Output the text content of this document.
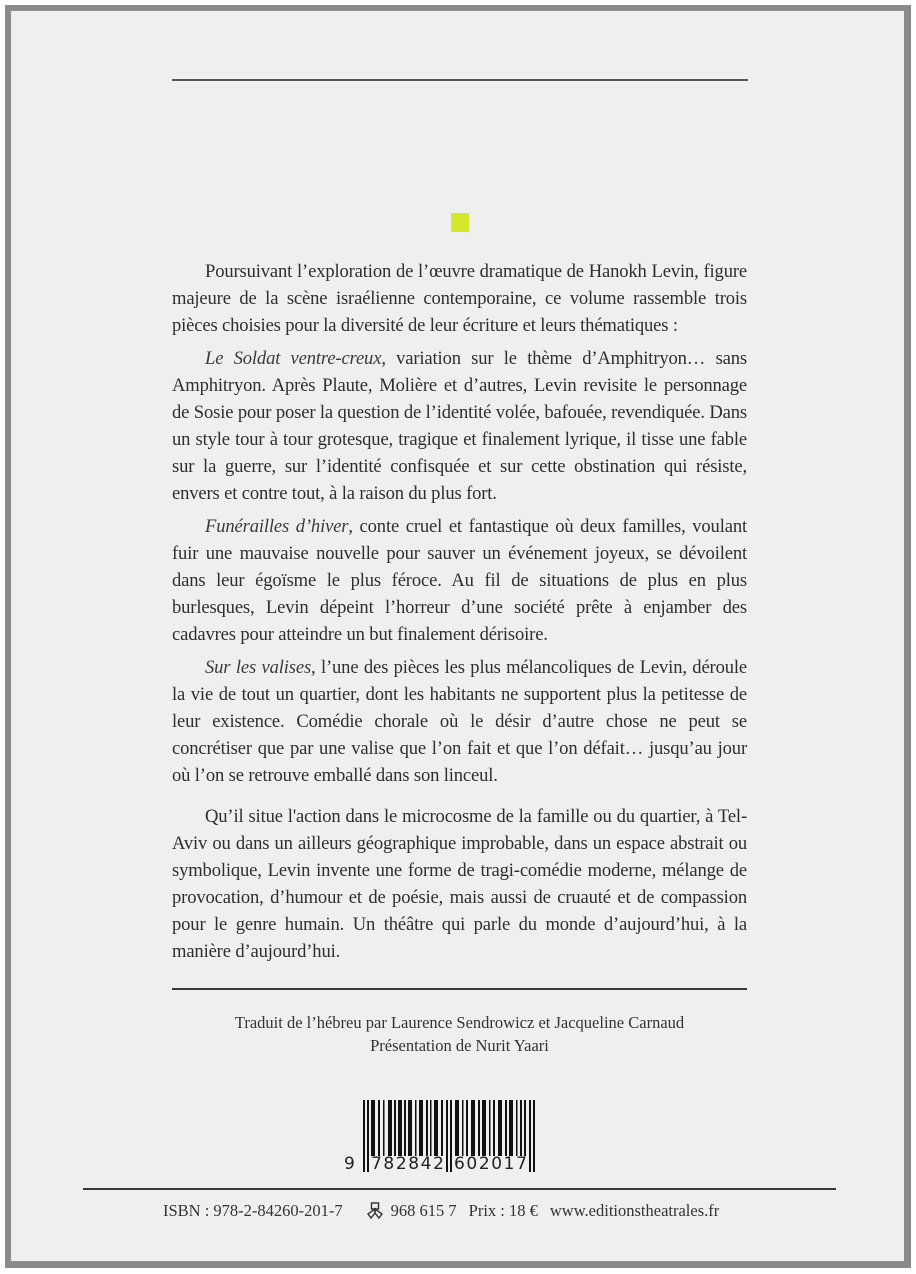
Poursuivant l’exploration de l’œuvre dramatique de Hanokh Levin, figure majeure de la scène israélienne contemporaine, ce volume rassemble trois pièces choisies pour la diversité de leur écriture et leurs thématiques :

Le Soldat ventre-creux, variation sur le thème d’Amphitryon… sans Amphitryon. Après Plaute, Molière et d’autres, Levin revisite le personnage de Sosie pour poser la question de l’identité volée, bafouée, revendiquée. Dans un style tour à tour grotesque, tragique et finalement lyrique, il tisse une fable sur la guerre, sur l’identité confisquée et sur cette obstination qui résiste, envers et contre tout, à la raison du plus fort.

Funérailles d’hiver, conte cruel et fantastique où deux familles, voulant fuir une mauvaise nouvelle pour sauver un événement joyeux, se dévoilent dans leur égoïsme le plus féroce. Au fil de situations de plus en plus burlesques, Levin dépeint l’horreur d’une société prête à enjamber des cadavres pour atteindre un but finalement dérisoire.

Sur les valises, l’une des pièces les plus mélancoliques de Levin, déroule la vie de tout un quartier, dont les habitants ne supportent plus la petitesse de leur existence. Comédie chorale où le désir d’autre chose ne peut se concrétiser que par une valise que l’on fait et que l’on défait… jusqu’au jour où l’on se retrouve emballé dans son linceul.

Qu’il situe l'action dans le microcosme de la famille ou du quartier, à Tel-Aviv ou dans un ailleurs géographique improbable, dans un espace abstrait ou symbolique, Levin invente une forme de tragi-comédie moderne, mélange de provocation, d’humour et de poésie, mais aussi de cruauté et de compassion pour le genre humain. Un théâtre qui parle du monde d’aujourd’hui, à la manière d’aujourd’hui.

Traduit de l’hébreu par Laurence Sendrowicz et Jacqueline Carnaud
Présentation de Nurit Yaari
9 782842 602017
ISBN : 978-2-84260-201-7	968 615 7 Prix : 18 € www.editionstheatrales.fr
